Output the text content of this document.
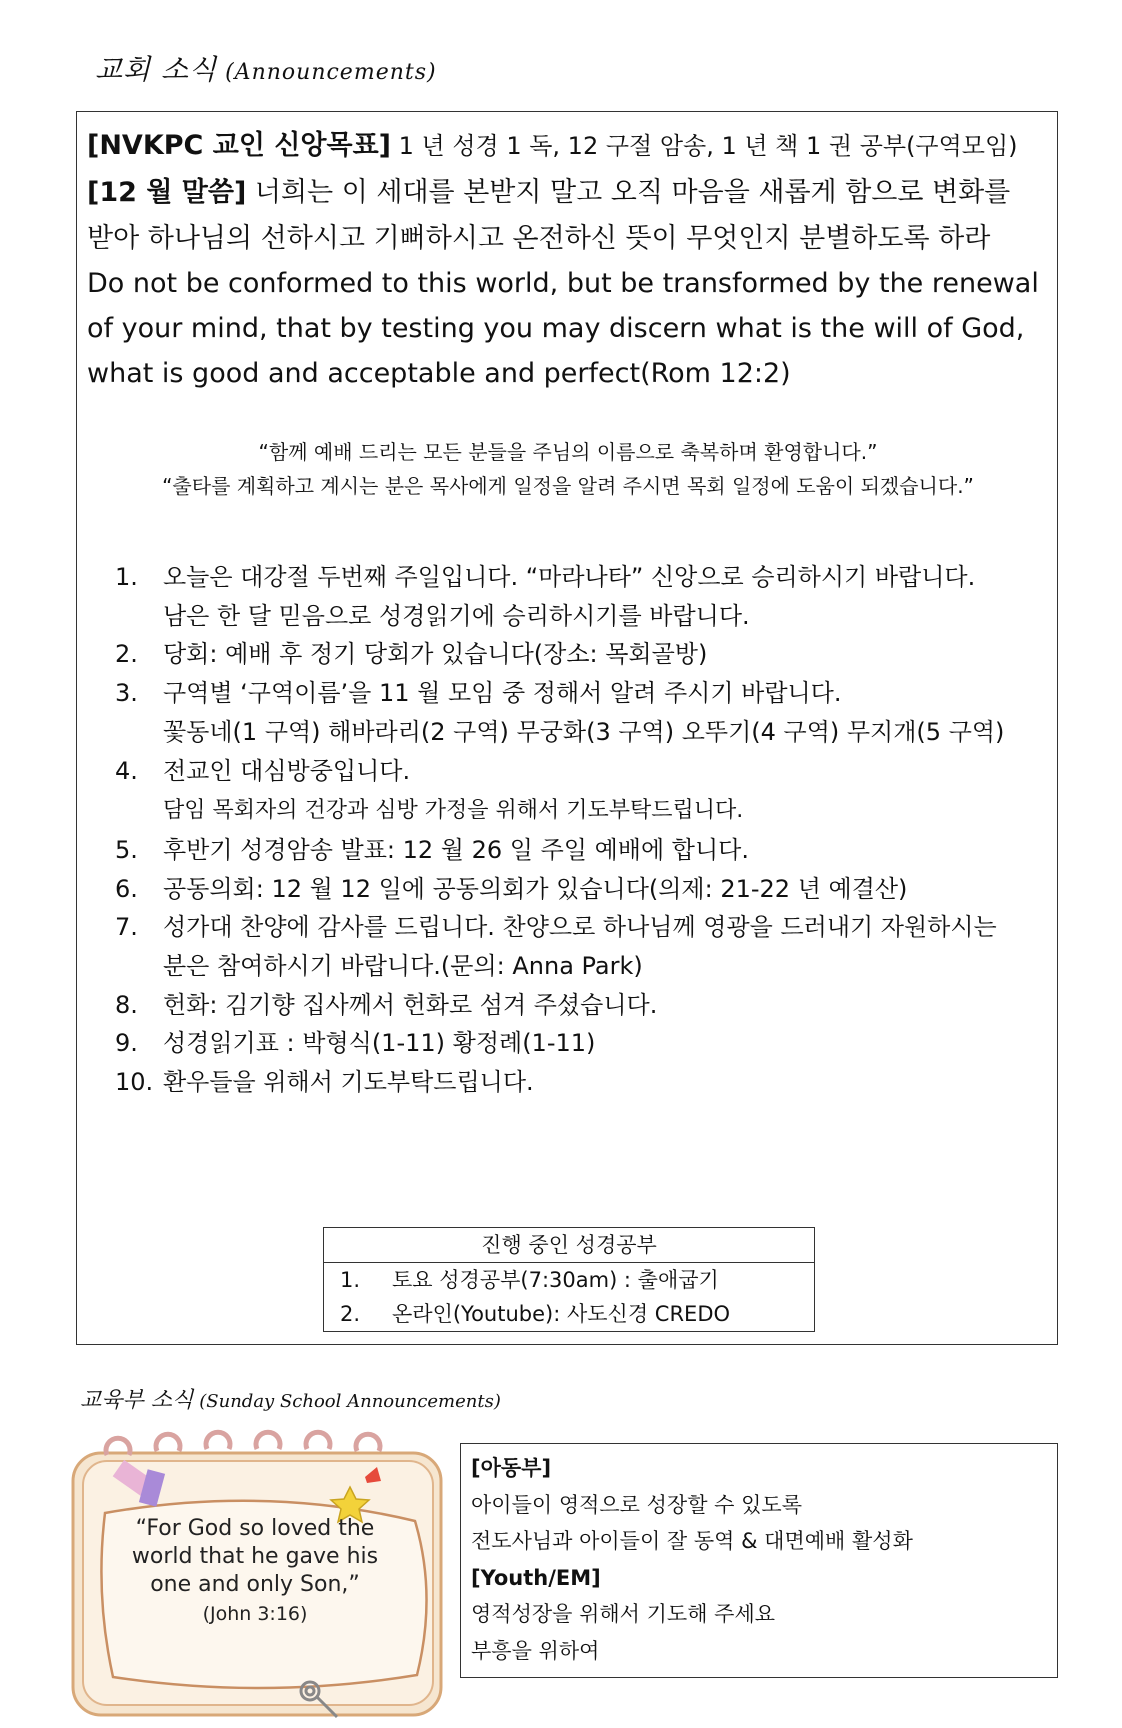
교회 소식 (Announcements)
[NVKPC 교인 신앙목표] 1 년 성경 1 독, 12 구절 암송, 1 년 책 1 권 공부(구역모임)
[12 월 말씀] 너희는 이 세대를 본받지 말고 오직 마음을 새롭게 함으로 변화를
받아 하나님의 선하시고 기뻐하시고 온전하신 뜻이 무엇인지 분별하도록 하라
Do not be conformed to this world, but be transformed by the renewal
of your mind, that by testing you may discern what is the will of God,
what is good and acceptable and perfect(Rom 12:2)
“함께 예배 드리는 모든 분들을 주님의 이름으로 축복하며 환영합니다.”
“출타를 계획하고 계시는 분은 목사에게 일정을 알려 주시면 목회 일정에 도움이 되겠습니다.”
1. 오늘은 대강절 두번째 주일입니다. “마라나타” 신앙으로 승리하시기 바랍니다.
남은 한 달 믿음으로 성경읽기에 승리하시기를 바랍니다.
2. 당회: 예배 후 정기 당회가 있습니다(장소: 목회골방)
3. 구역별 ‘구역이름’을 11 월 모임 중 정해서 알려 주시기 바랍니다.
꽃동네(1 구역) 해바라리(2 구역) 무궁화(3 구역) 오뚜기(4 구역) 무지개(5 구역)
4. 전교인 대심방중입니다.
담임 목회자의 건강과 심방 가정을 위해서 기도부탁드립니다.
5. 후반기 성경암송 발표: 12 월 26 일 주일 예배에 합니다.
6. 공동의회: 12 월 12 일에 공동의회가 있습니다(의제: 21-22 년 예결산)
7. 성가대 찬양에 감사를 드립니다. 찬양으로 하나님께 영광을 드러내기 자원하시는
분은 참여하시기 바랍니다.(문의: Anna Park)
8. 헌화: 김기향 집사께서 헌화로 섬겨 주셨습니다.
9. 성경읽기표 : 박형식(1-11) 황정례(1-11)
10. 환우들을 위해서 기도부탁드립니다.
진행 중인 성경공부
1. 토요 성경공부(7:30am) : 출애굽기
2. 온라인(Youtube): 사도신경 CREDO
교육부 소식 (Sunday School Announcements)
“For God so loved the
world that he gave his
one and only Son,”
(John 3:16)
[아동부]
아이들이 영적으로 성장할 수 있도록
전도사님과 아이들이 잘 동역 & 대면예배 활성화
[Youth/EM]
영적성장을 위해서 기도해 주세요
부흥을 위하여
